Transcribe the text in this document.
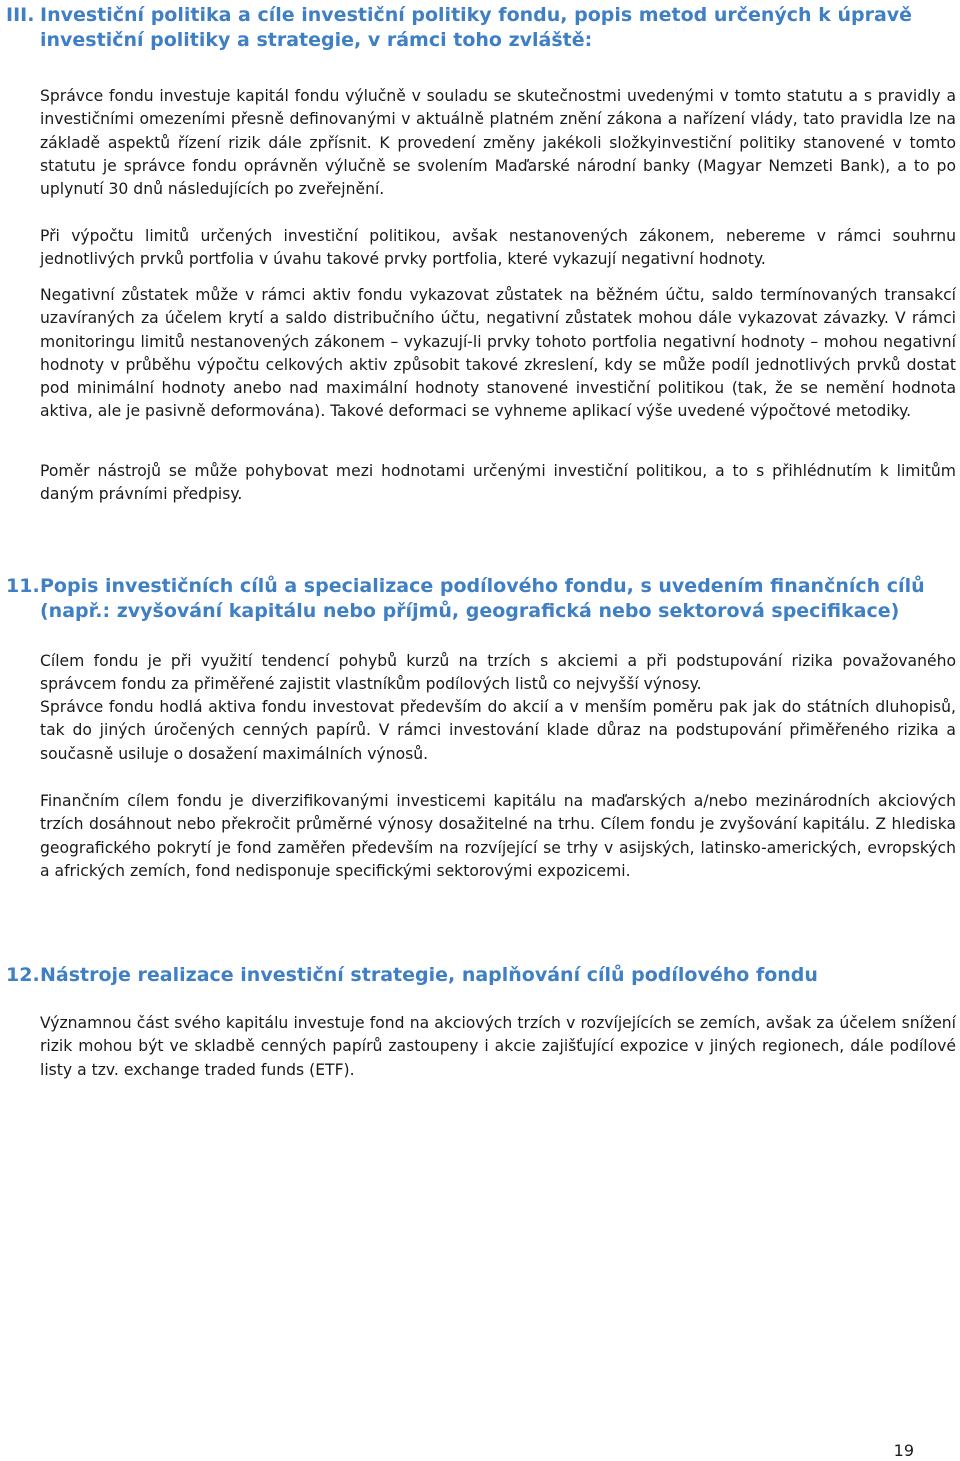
III. Investiční politika a cíle investiční politiky fondu, popis metod určených k úpravě investiční politiky a strategie, v rámci toho zvláště:

Správce fondu investuje kapitál fondu výlučně v souladu se skutečnostmi uvedenými v tomto statutu a s pravidly a investičními omezeními přesně definovanými v aktuálně platném znění zákona a nařízení vlády, tato pravidla lze na základě aspektů řízení rizik dále zpřísnit. K provedení změny jakékoli složkyinvestiční politiky stanovené v tomto statutu je správce fondu oprávněn výlučně se svolením Maďarské národní banky (Magyar Nemzeti Bank), a to po uplynutí 30 dnů následujících po zveřejnění.

Při výpočtu limitů určených investiční politikou, avšak nestanovených zákonem, nebereme v rámci souhrnu jednotlivých prvků portfolia v úvahu takové prvky portfolia, které vykazují negativní hodnoty.

Negativní zůstatek může v rámci aktiv fondu vykazovat zůstatek na běžném účtu, saldo termínovaných transakcí uzavíraných za účelem krytí a saldo distribučního účtu, negativní zůstatek mohou dále vykazovat závazky. V rámci monitoringu limitů nestanovených zákonem – vykazují-li prvky tohoto portfolia negativní hodnoty – mohou negativní hodnoty v průběhu výpočtu celkových aktiv způsobit takové zkreslení, kdy se může podíl jednotlivých prvků dostat pod minimální hodnoty anebo nad maximální hodnoty stanovené investiční politikou (tak, že se nemění hodnota aktiva, ale je pasivně deformována). Takové deformaci se vyhneme aplikací výše uvedené výpočtové metodiky.

Poměr nástrojů se může pohybovat mezi hodnotami určenými investiční politikou, a to s přihlédnutím k limitům daným právními předpisy.

11.Popis investičních cílů a specializace podílového fondu, s uvedením finančních cílů (např.: zvyšování kapitálu nebo příjmů, geografická nebo sektorová specifikace)

Cílem fondu je při využití tendencí pohybů kurzů na trzích s akciemi a při podstupování rizika považovaného správcem fondu za přiměřené zajistit vlastníkům podílových listů co nejvyšší výnosy.

Správce fondu hodlá aktiva fondu investovat především do akcií a v menším poměru pak jak do státních dluhopisů, tak do jiných úročených cenných papírů. V rámci investování klade důraz na podstupování přiměřeného rizika a současně usiluje o dosažení maximálních výnosů.

Finančním cílem fondu je diverzifikovanými investicemi kapitálu na maďarských a/nebo mezinárodních akciových trzích dosáhnout nebo překročit průměrné výnosy dosažitelné na trhu. Cílem fondu je zvyšování kapitálu. Z hlediska geografického pokrytí je fond zaměřen především na rozvíjející se trhy v asijských, latinsko-amerických, evropských a afrických zemích, fond nedisponuje specifickými sektorovými expozicemi.

12.Nástroje realizace investiční strategie, naplňování cílů podílového fondu

Významnou část svého kapitálu investuje fond na akciových trzích v rozvíjejících se zemích, avšak za účelem snížení rizik mohou být ve skladbě cenných papírů zastoupeny i akcie zajišťující expozice v jiných regionech, dále podílové listy a tzv. exchange traded funds (ETF).

19
